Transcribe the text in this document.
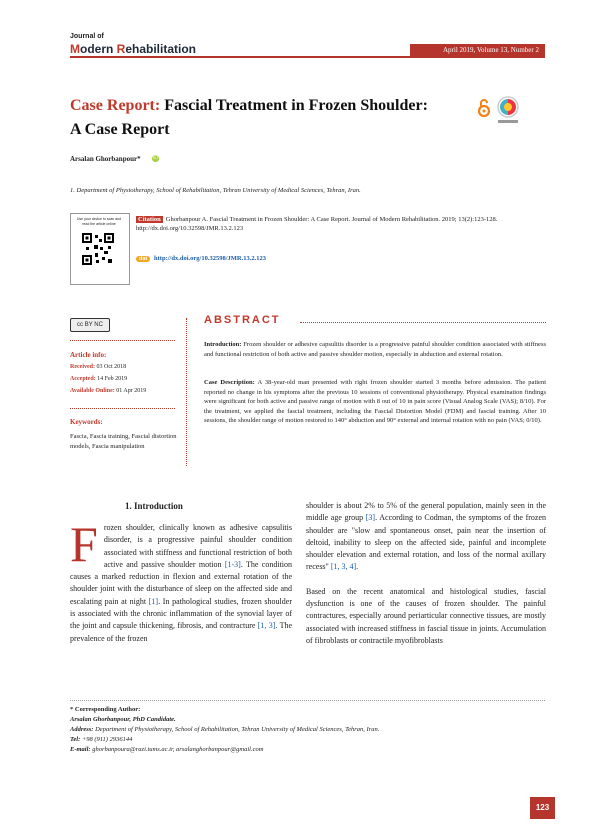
Journal of
Modern Rehabilitation	April 2019, Volume 13, Number 2
Case Report: Fascial Treatment in Frozen Shoulder: A Case Report
Arsalan Ghorbanpour*	iD
1. Department of Physiotherapy, School of Rehabilitation, Tehran University of Medical Sciences, Tehran, Iran.
Use your device to scan and read the article online
Citation Ghorbanpour A. Fascial Treatment in Frozen Shoulder: A Case Report. Journal of Modern Rehabilitation. 2019; 13(2):123-128. http://dx.doi.org/10.32598/JMR.13.2.123
doi http://dx.doi.org/10.32598/JMR.13.2.123
cc BY NC
Article info:
Received: 03 Oct 2018
Accepted: 14 Feb 2019
Available Online: 01 Apr 2019
Keywords:
Fascia, Fascia training, Fascial distortion models, Fascia manipulation
ABSTRACT
Introduction: Frozen shoulder or adhesive capsulitis disorder is a progressive painful shoulder condition associated with stiffness and functional restriction of both active and passive shoulder motion, especially in abduction and external rotation.
Case Description: A 38-year-old man presented with right frozen shoulder started 3 months before admission. The patient reported no change in his symptoms after the previous 10 sessions of conventional physiotherapy. Physical examination findings were significant for both active and passive range of motion with 8 out of 10 in pain score (Visual Analog Scale (VAS); 8/10). For the treatment, we applied the fascial treatment, including the Fascial Distortion Model (FDM) and fascial training. After 10 sessions, the shoulder range of motion restored to 140° abduction and 90° external and internal rotation with no pain (VAS; 0/10).
1. Introduction

Frozen shoulder, clinically known as adhesive capsulitis disorder, is a progressive painful shoulder condition associated with stiffness and functional restriction of both active and passive shoulder motion [1-3]. The condition causes a marked reduction in flexion and external rotation of the shoulder joint with the disturbance of sleep on the affected side and escalating pain at night [1]. In pathological studies, frozen shoulder is associated with the chronic inflammation of the synovial layer of the joint and capsule thickening, fibrosis, and contracture [1, 3]. The prevalence of the frozen

shoulder is about 2% to 5% of the general population, mainly seen in the middle age group [3]. According to Codman, the symptoms of the frozen shoulder are "slow and spontaneous onset, pain near the insertion of deltoid, inability to sleep on the affected side, painful and incomplete shoulder elevation and external rotation, and loss of the normal axillary recess" [1, 3, 4].

Based on the recent anatomical and histological studies, fascial dysfunction is one of the causes of frozen shoulder. The painful contractures, especially around periarticular connective tissues, are mostly associated with increased stiffness in fascial tissue in joints. Accumulation of fibroblasts or contractile myofibroblasts

* Corresponding Author:
Arsalan Ghorbanpour, PhD Candidate.
Address: Department of Physiotherapy, School of Rehabilitation, Tehran University of Medical Sciences, Tehran, Iran.
Tel: +98 (911) 2936144
E-mail: ghorbanpoura@razi.tums.ac.ir, arsalanghorbanpour@gmail.com
123
